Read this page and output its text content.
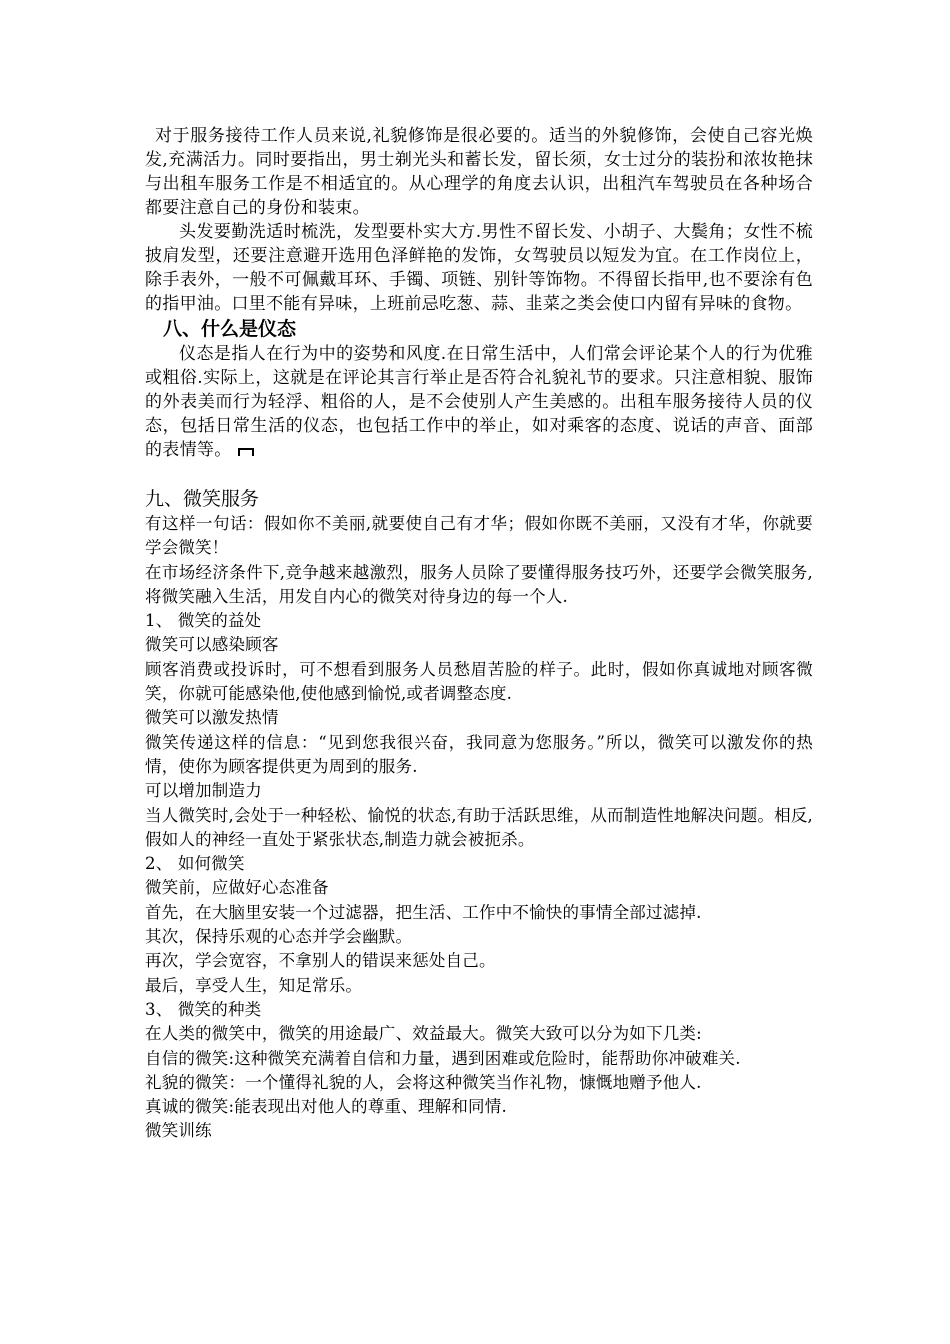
对于服务接待工作人员来说,礼貌修饰是很必要的。适当的外貌修饰，会使自己容光焕发,充满活力。同时要指出，男士剃光头和蓄长发，留长须，女士过分的装扮和浓妆艳抹与出租车服务工作是不相适宜的。从心理学的角度去认识，出租汽车驾驶员在各种场合都要注意自己的身份和装束。

头发要勤洗适时梳洗，发型要朴实大方.男性不留长发、小胡子、大鬓角；女性不梳披肩发型，还要注意避开选用色泽鲜艳的发饰，女驾驶员以短发为宜。在工作岗位上，除手表外，一般不可佩戴耳环、手镯、项链、别针等饰物。不得留长指甲,也不要涂有色的指甲油。口里不能有异味，上班前忌吃葱、蒜、韭菜之类会使口内留有异味的食物。

八、什么是仪态

仪态是指人在行为中的姿势和风度.在日常生活中，人们常会评论某个人的行为优雅或粗俗.实际上，这就是在评论其言行举止是否符合礼貌礼节的要求。只注意相貌、服饰的外表美而行为轻浮、粗俗的人，是不会使别人产生美感的。出租车服务接待人员的仪态，包括日常生活的仪态，也包括工作中的举止，如对乘客的态度、说话的声音、面部的表情等。

九、微笑服务

有这样一句话：假如你不美丽,就要使自己有才华；假如你既不美丽，又没有才华，你就要学会微笑！

在市场经济条件下,竞争越来越激烈，服务人员除了要懂得服务技巧外，还要学会微笑服务,将微笑融入生活，用发自内心的微笑对待身边的每一个人.

1、 微笑的益处

微笑可以感染顾客

顾客消费或投诉时，可不想看到服务人员愁眉苦脸的样子。此时，假如你真诚地对顾客微笑，你就可能感染他,使他感到愉悦,或者调整态度.

微笑可以激发热情

微笑传递这样的信息：“见到您我很兴奋，我同意为您服务。”所以，微笑可以激发你的热情，使你为顾客提供更为周到的服务.

可以增加制造力

当人微笑时,会处于一种轻松、愉悦的状态,有助于活跃思维，从而制造性地解决问题。相反,假如人的神经一直处于紧张状态,制造力就会被扼杀。

2、 如何微笑

微笑前，应做好心态准备

首先，在大脑里安装一个过滤器，把生活、工作中不愉快的事情全部过滤掉.

其次，保持乐观的心态并学会幽默。

再次，学会宽容，不拿别人的错误来惩处自己。

最后，享受人生，知足常乐。

3、 微笑的种类

在人类的微笑中，微笑的用途最广、效益最大。微笑大致可以分为如下几类:

自信的微笑:这种微笑充满着自信和力量，遇到困难或危险时，能帮助你冲破难关.

礼貌的微笑：一个懂得礼貌的人，会将这种微笑当作礼物，慷慨地赠予他人.

真诚的微笑:能表现出对他人的尊重、理解和同情.

微笑训练
